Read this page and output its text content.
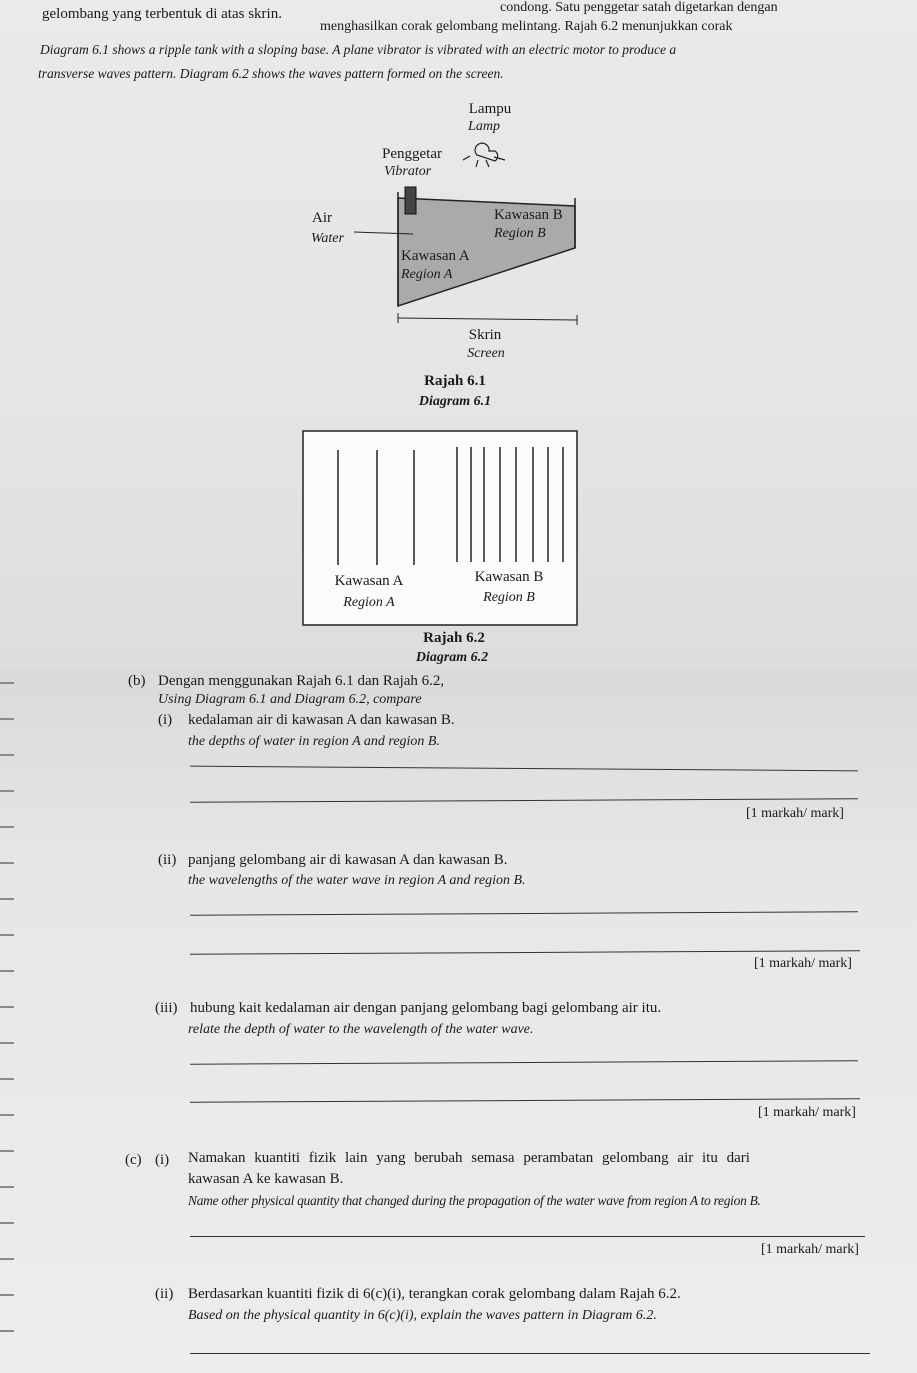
condong. Satu penggetar satah digetarkan dengan
menghasilkan corak gelombang melintang. Rajah 6.2 menunjukkan corak
gelombang yang terbentuk di atas skrin.
Diagram 6.1 shows a ripple tank with a sloping base. A plane vibrator is vibrated with an electric motor to produce a
transverse waves pattern. Diagram 6.2 shows the waves pattern formed on the screen.
Lampu
Lamp
Penggetar
Vibrator
Air
Water
Kawasan B
Region B
Kawasan A
Region A
Skrin
Screen
Rajah 6.1
Diagram 6.1
Kawasan A
Region A
Kawasan B
Region B
Rajah 6.2
Diagram 6.2
(b) Dengan menggunakan Rajah 6.1 dan Rajah 6.2,
Using Diagram 6.1 and Diagram 6.2, compare
(i) kedalaman air di kawasan A dan kawasan B.
the depths of water in region A and region B.
[1 markah/ mark]
(ii) panjang gelombang air di kawasan A dan kawasan B.
the wavelengths of the water wave in region A and region B.
[1 markah/ mark]
(iii) hubung kait kedalaman air dengan panjang gelombang bagi gelombang air itu.
relate the depth of water to the wavelength of the water wave.
[1 markah/ mark]
(c) (i) Namakan kuantiti fizik lain yang berubah semasa perambatan gelombang air itu dari
kawasan A ke kawasan B.
Name other physical quantity that changed during the propagation of the water wave from region A to region B.
[1 markah/ mark]
(ii) Berdasarkan kuantiti fizik di 6(c)(i), terangkan corak gelombang dalam Rajah 6.2.
Based on the physical quantity in 6(c)(i), explain the waves pattern in Diagram 6.2.
